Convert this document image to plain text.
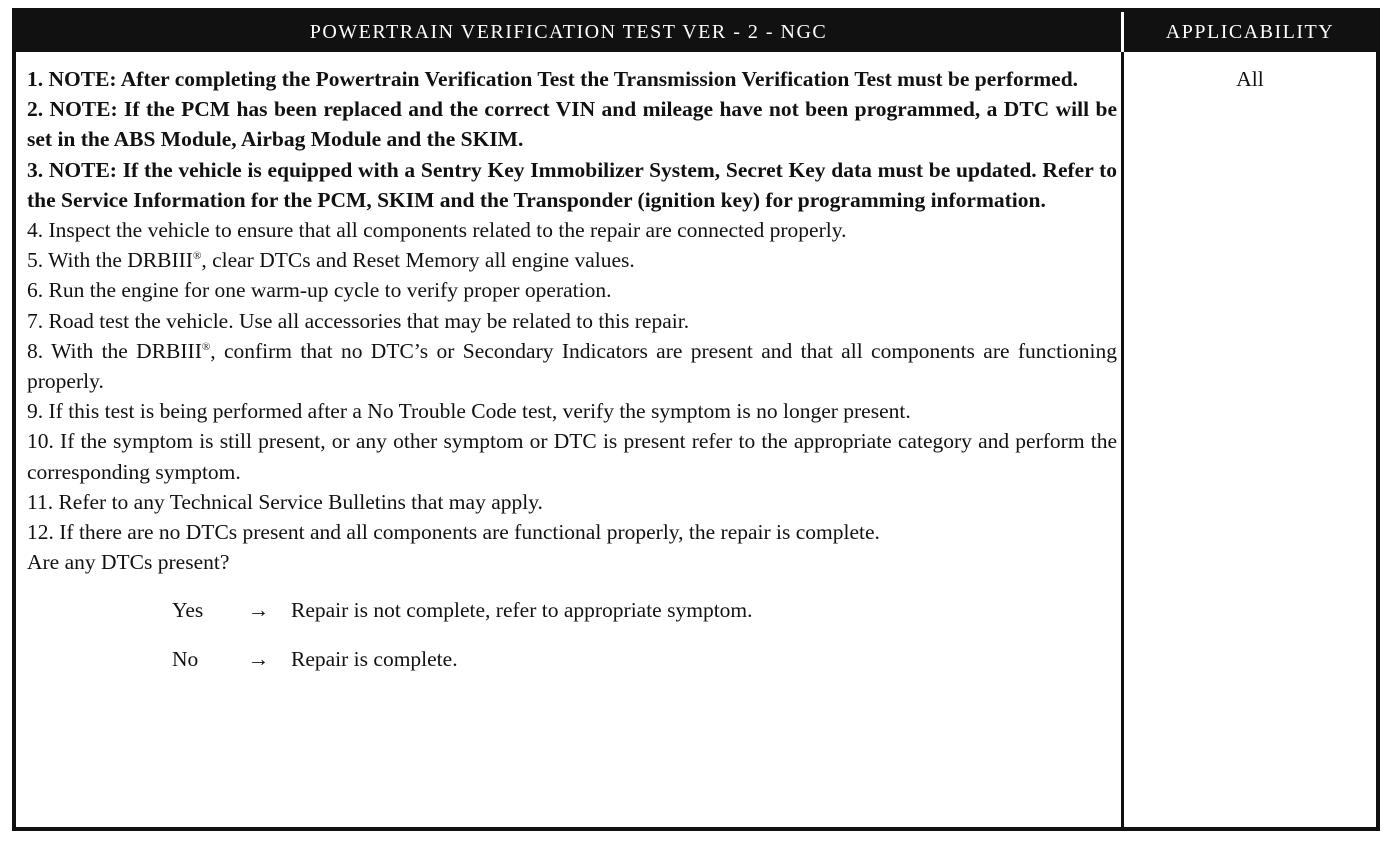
POWERTRAIN VERIFICATION TEST VER - 2 - NGC	APPLICABILITY
1. NOTE: After completing the Powertrain Verification Test the Transmission Verification Test must be performed.
2. NOTE: If the PCM has been replaced and the correct VIN and mileage have not been programmed, a DTC will be set in the ABS Module, Airbag Module and the SKIM.
3. NOTE: If the vehicle is equipped with a Sentry Key Immobilizer System, Secret Key data must be updated. Refer to the Service Information for the PCM, SKIM and the Transponder (ignition key) for programming information.
4. Inspect the vehicle to ensure that all components related to the repair are connected properly.
5. With the DRBIII®, clear DTCs and Reset Memory all engine values.
6. Run the engine for one warm-up cycle to verify proper operation.
7. Road test the vehicle. Use all accessories that may be related to this repair.
8. With the DRBIII®, confirm that no DTC’s or Secondary Indicators are present and that all components are functioning properly.
9. If this test is being performed after a No Trouble Code test, verify the symptom is no longer present.
10. If the symptom is still present, or any other symptom or DTC is present refer to the appropriate category and perform the corresponding symptom.
11. Refer to any Technical Service Bulletins that may apply.
12. If there are no DTCs present and all components are functional properly, the repair is complete.
Are any DTCs present?
Yes	→	Repair is not complete, refer to appropriate symptom.
No	→	Repair is complete.
All
